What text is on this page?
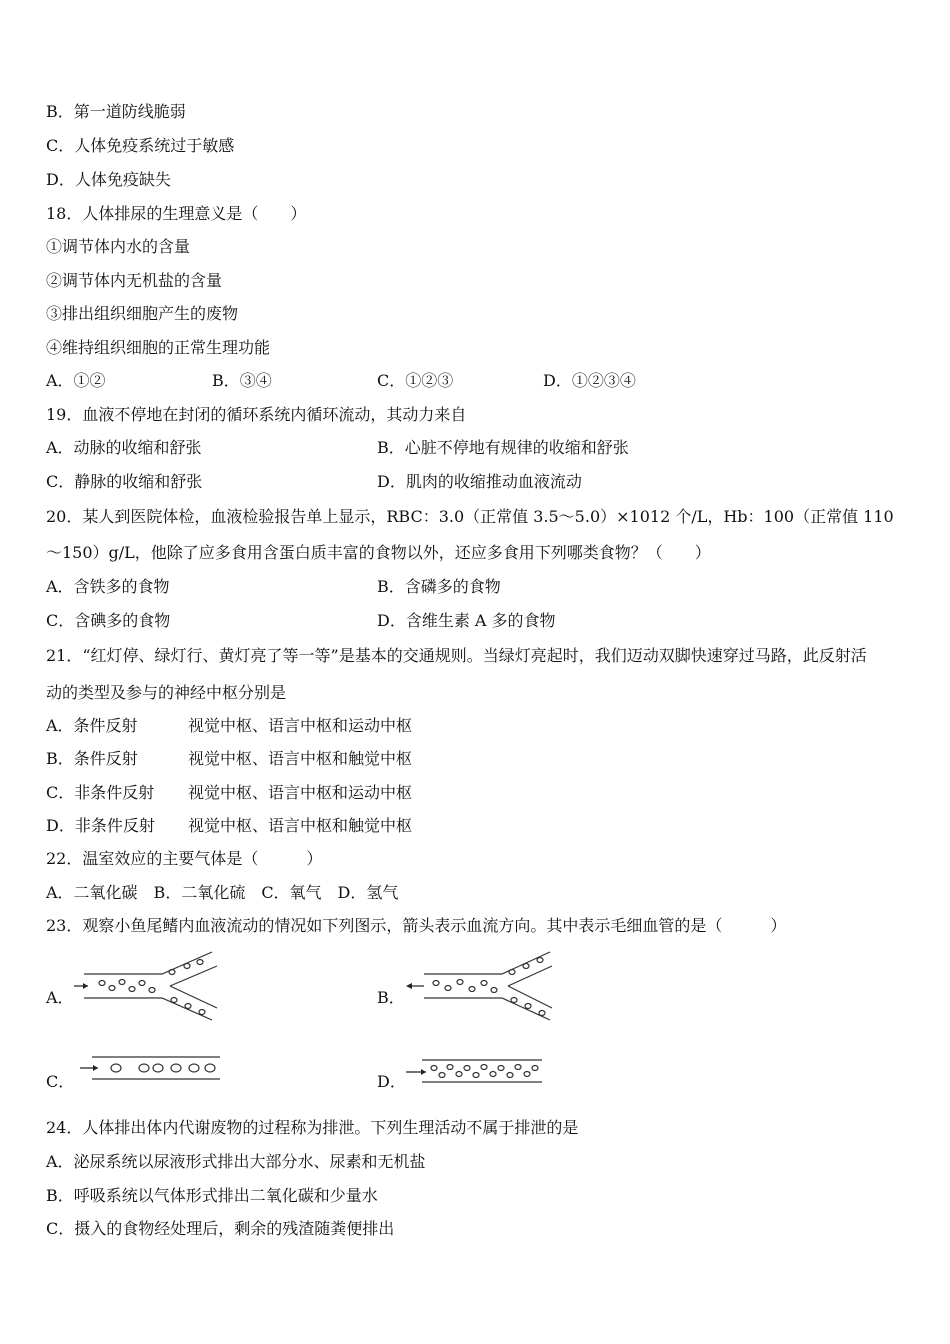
B．第一道防线脆弱
C．人体免疫系统过于敏感
D．人体免疫缺失
18．人体排尿的生理意义是（　　）
①调节体内水的含量
②调节体内无机盐的含量
③排出组织细胞产生的废物
④维持组织细胞的正常生理功能
A．①②	B．③④	C．①②③	D．①②③④
19．血液不停地在封闭的循环系统内循环流动，其动力来自
A．动脉的收缩和舒张	B．心脏不停地有规律的收缩和舒张
C．静脉的收缩和舒张	D．肌肉的收缩推动血液流动
20．某人到医院体检，血液检验报告单上显示，RBC：3.0（正常值 3.5～5.0）×1012 个/L，Hb：100（正常值 110
～150）g/L，他除了应多食用含蛋白质丰富的食物以外，还应多食用下列哪类食物？（　　）
A．含铁多的食物	B．含磷多的食物
C．含碘多的食物	D．含维生素 A 多的食物
21．“红灯停、绿灯行、黄灯亮了等一等”是基本的交通规则。当绿灯亮起时，我们迈动双脚快速穿过马路，此反射活
动的类型及参与的神经中枢分别是
A．条件反射	视觉中枢、语言中枢和运动中枢
B．条件反射	视觉中枢、语言中枢和触觉中枢
C．非条件反射 视觉中枢、语言中枢和运动中枢
D．非条件反射 视觉中枢、语言中枢和触觉中枢
22．温室效应的主要气体是（　　　）
A．二氧化碳　B．二氧化硫　C．氧气　D．氢气
23．观察小鱼尾鳍内血液流动的情况如下列图示，箭头表示血流方向。其中表示毛细血管的是（　　　）
A．	B．
C．	D．
24．人体排出体内代谢废物的过程称为排泄。下列生理活动不属于排泄的是
A．泌尿系统以尿液形式排出大部分水、尿素和无机盐
B．呼吸系统以气体形式排出二氧化碳和少量水
C．摄入的食物经处理后，剩余的残渣随粪便排出
